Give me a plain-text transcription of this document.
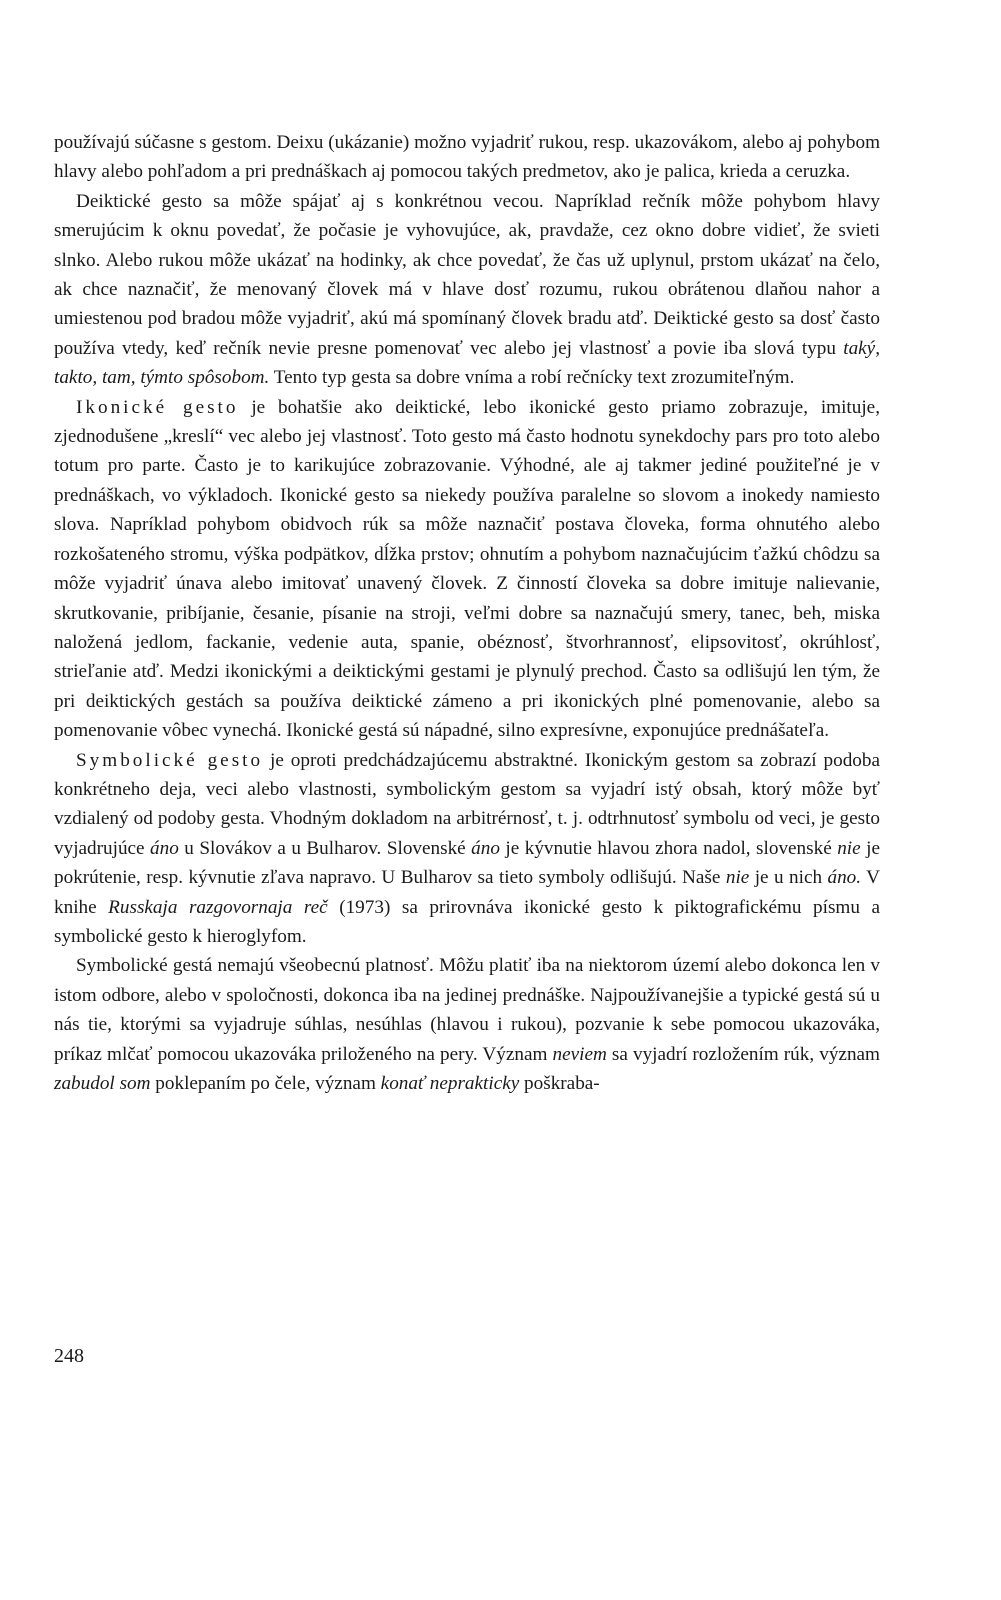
používajú súčasne s gestom. Deixu (ukázanie) možno vyjadriť rukou, resp. ukazovákom, alebo aj pohybom hlavy alebo pohľadom a pri prednáškach aj pomocou takých predmetov, ako je palica, krieda a ceruzka.

Deiktické gesto sa môže spájať aj s konkrétnou vecou. Napríklad rečník môže pohybom hlavy smerujúcim k oknu povedať, že počasie je vyhovujúce, ak, pravdaže, cez okno dobre vidieť, že svieti slnko. Alebo rukou môže ukázať na hodinky, ak chce povedať, že čas už uplynul, prstom ukázať na čelo, ak chce naznačiť, že menovaný človek má v hlave dosť rozumu, rukou obrátenou dlaňou nahor a umiestenou pod bradou môže vyjadriť, akú má spomínaný človek bradu atď. Deiktické gesto sa dosť často používa vtedy, keď rečník nevie presne pomenovať vec alebo jej vlastnosť a povie iba slová typu taký, takto, tam, týmto spôsobom. Tento typ gesta sa dobre vníma a robí rečnícky text zrozumiteľným.

Ikonické gesto je bohatšie ako deiktické, lebo ikonické gesto priamo zobrazuje, imituje, zjednodušene „kreslí“ vec alebo jej vlastnosť. Toto gesto má často hodnotu synekdochy pars pro toto alebo totum pro parte. Často je to karikujúce zobrazovanie. Výhodné, ale aj takmer jediné použiteľné je v prednáškach, vo výkladoch. Ikonické gesto sa niekedy používa paralelne so slovom a inokedy namiesto slova. Napríklad pohybom obidvoch rúk sa môže naznačiť postava človeka, forma ohnutého alebo rozkošateného stromu, výška podpätkov, dĺžka prstov; ohnutím a pohybom naznačujúcim ťažkú chôdzu sa môže vyjadriť únava alebo imitovať unavený človek. Z činností človeka sa dobre imituje nalievanie, skrutkovanie, pribíjanie, česanie, písanie na stroji, veľmi dobre sa naznačujú smery, tanec, beh, miska naložená jedlom, fackanie, vedenie auta, spanie, obéznosť, štvorhrannosť, elipsovitosť, okrúhlosť, strieľanie atď. Medzi ikonickými a deiktickými gestami je plynulý prechod. Často sa odlišujú len tým, že pri deiktických gestách sa používa deiktické zámeno a pri ikonických plné pomenovanie, alebo sa pomenovanie vôbec vynechá. Ikonické gestá sú nápadné, silno expresívne, exponujúce prednášateľa.

Symbolické gesto je oproti predchádzajúcemu abstraktné. Ikonickým gestom sa zobrazí podoba konkrétneho deja, veci alebo vlastnosti, symbolickým gestom sa vyjadrí istý obsah, ktorý môže byť vzdialený od podoby gesta. Vhodným dokladom na arbitrérnosť, t. j. odtrhnutosť symbolu od veci, je gesto vyjadrujúce áno u Slovákov a u Bulharov. Slovenské áno je kývnutie hlavou zhora nadol, slovenské nie je pokrútenie, resp. kývnutie zľava napravo. U Bulharov sa tieto symboly odlišujú. Naše nie je u nich áno. V knihe Russkaja razgovornaja reč (1973) sa prirovnáva ikonické gesto k piktografickému písmu a symbolické gesto k hieroglyfom.

Symbolické gestá nemajú všeobecnú platnosť. Môžu platiť iba na niektorom území alebo dokonca len v istom odbore, alebo v spoločnosti, dokonca iba na jedinej prednáške. Najpoužívanejšie a typické gestá sú u nás tie, ktorými sa vyjadruje súhlas, nesúhlas (hlavou i rukou), pozvanie k sebe pomocou ukazováka, príkaz mlčať pomocou ukazováka priloženého na pery. Význam neviem sa vyjadrí rozložením rúk, význam zabudol som poklepaním po čele, význam konať neprakticky poškraba-

248
